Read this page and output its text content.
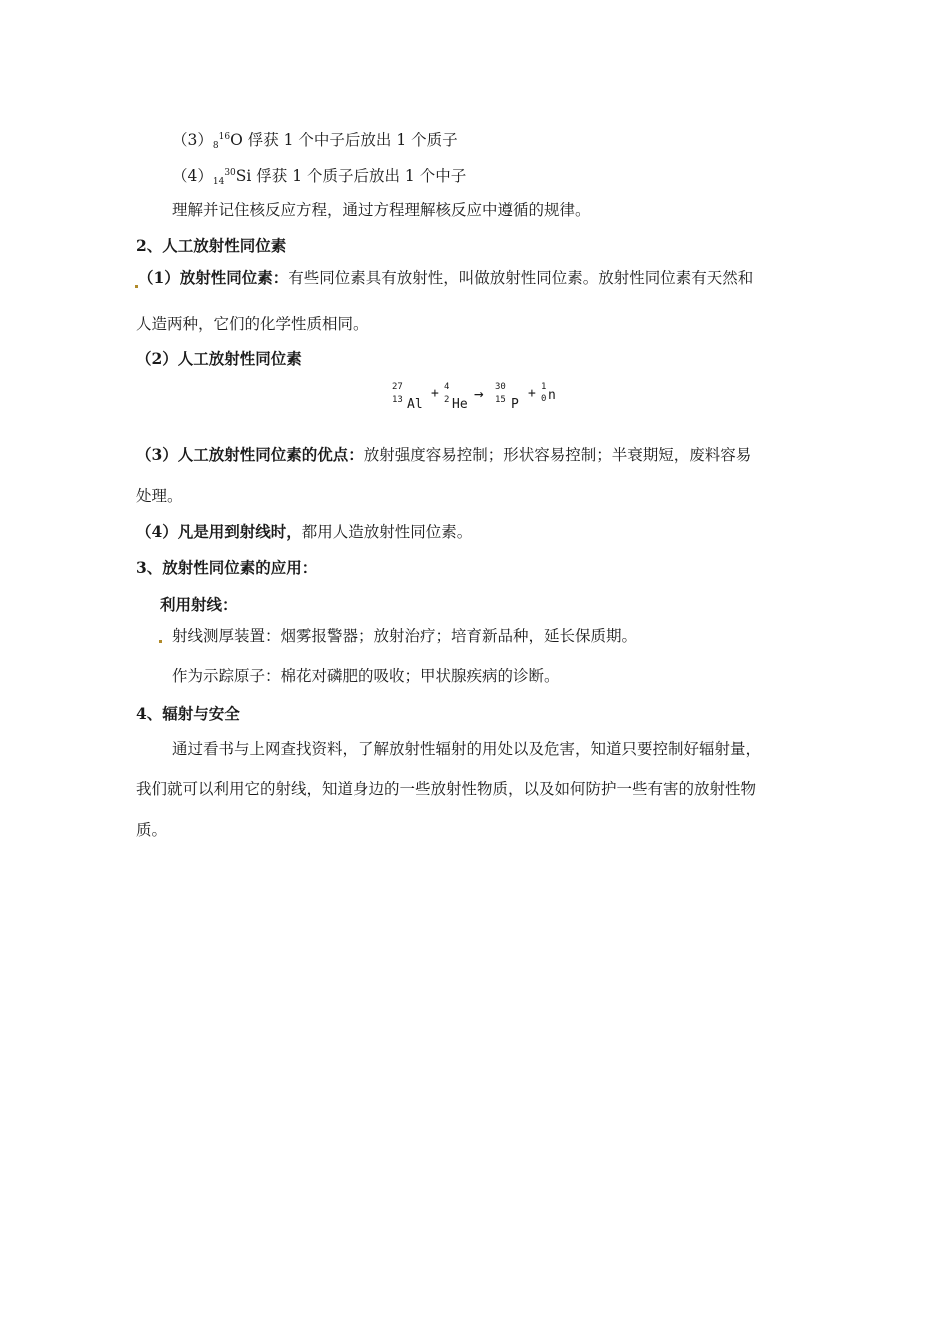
$(3)_8^{16}O$ 俘获 1 个中子后放出 1 个质子
$(4)_{14}^{30}Si$ 俘获 1 个质子后放出 1 个中子
理解并记住核反应方程，通过方程理解核反应中遵循的规律。
2、人工放射性同位素
（1）放射性同位素：有些同位素具有放射性，叫做放射性同位素。放射性同位素有天然和
人造两种，它们的化学性质相同。
（2）人工放射性同位素
27
13 Al
+ 4
2 He
→ 30
15 P
+ 1
0 n
（3）人工放射性同位素的优点：放射强度容易控制；形状容易控制；半衰期短，废料容易
处理。
（4）凡是用到射线时，都用人造放射性同位素。
3、放射性同位素的应用：
利用射线：
射线测厚装置：烟雾报警器；放射治疗；培育新品种，延长保质期。
作为示踪原子：棉花对磷肥的吸收；甲状腺疾病的诊断。
4、辐射与安全
通过看书与上网查找资料，了解放射性辐射的用处以及危害，知道只要控制好辐射量，
我们就可以利用它的射线，知道身边的一些放射性物质，以及如何防护一些有害的放射性物
质。
